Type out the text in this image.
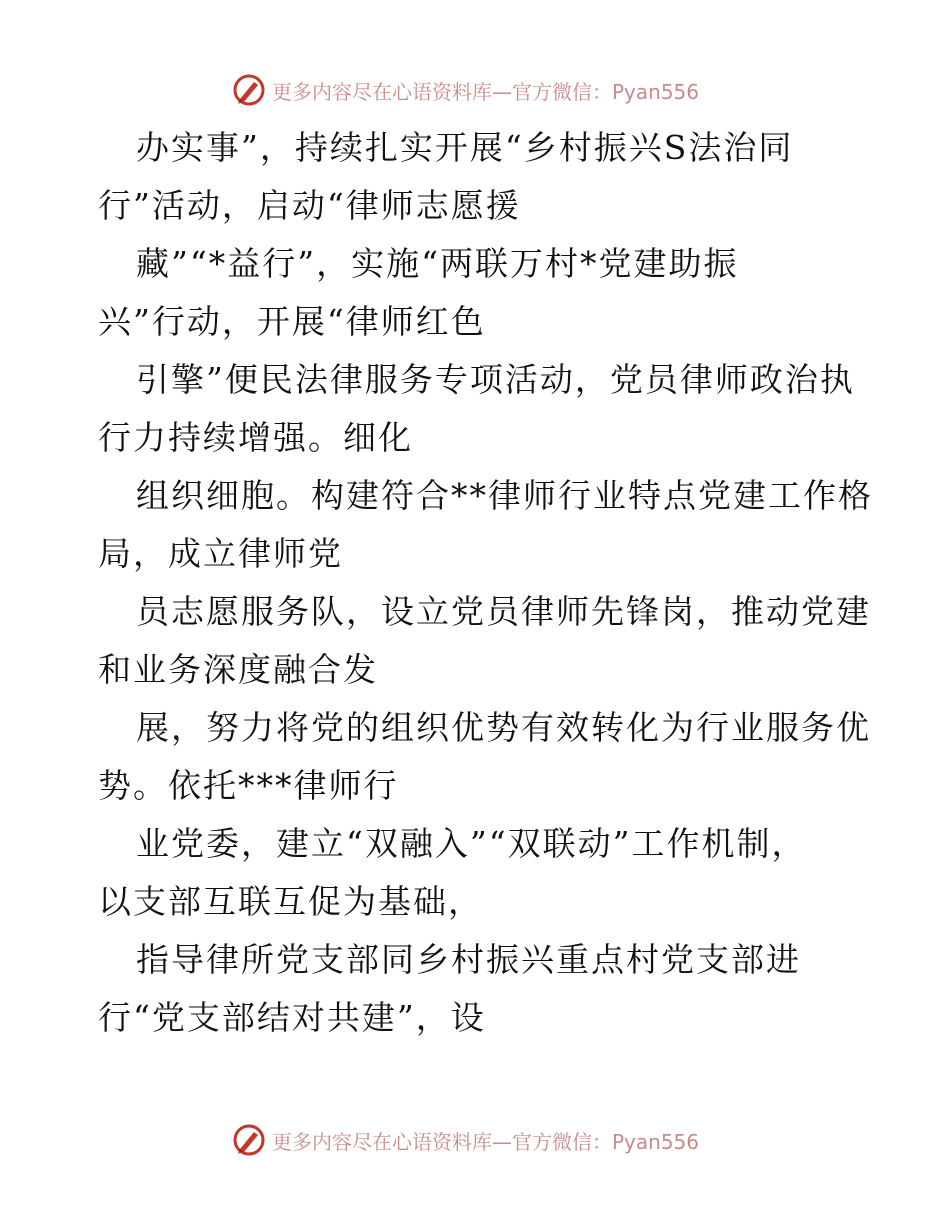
更多内容尽在心语资料库—官方微信：Pyan556
办实事”，持续扎实开展“乡村振兴S法治同
行”活动，启动“律师志愿援
藏”“*益行”，实施“两联万村*党建助振
兴”行动，开展“律师红色
引擎”便民法律服务专项活动，党员律师政治执
行力持续增强。细化
组织细胞。构建符合**律师行业特点党建工作格
局，成立律师党
员志愿服务队，设立党员律师先锋岗，推动党建
和业务深度融合发
展，努力将党的组织优势有效转化为行业服务优
势。依托***律师行
业党委，建立“双融入”“双联动”工作机制，
以支部互联互促为基础，
指导律所党支部同乡村振兴重点村党支部进
行“党支部结对共建”，设
更多内容尽在心语资料库—官方微信：Pyan556
